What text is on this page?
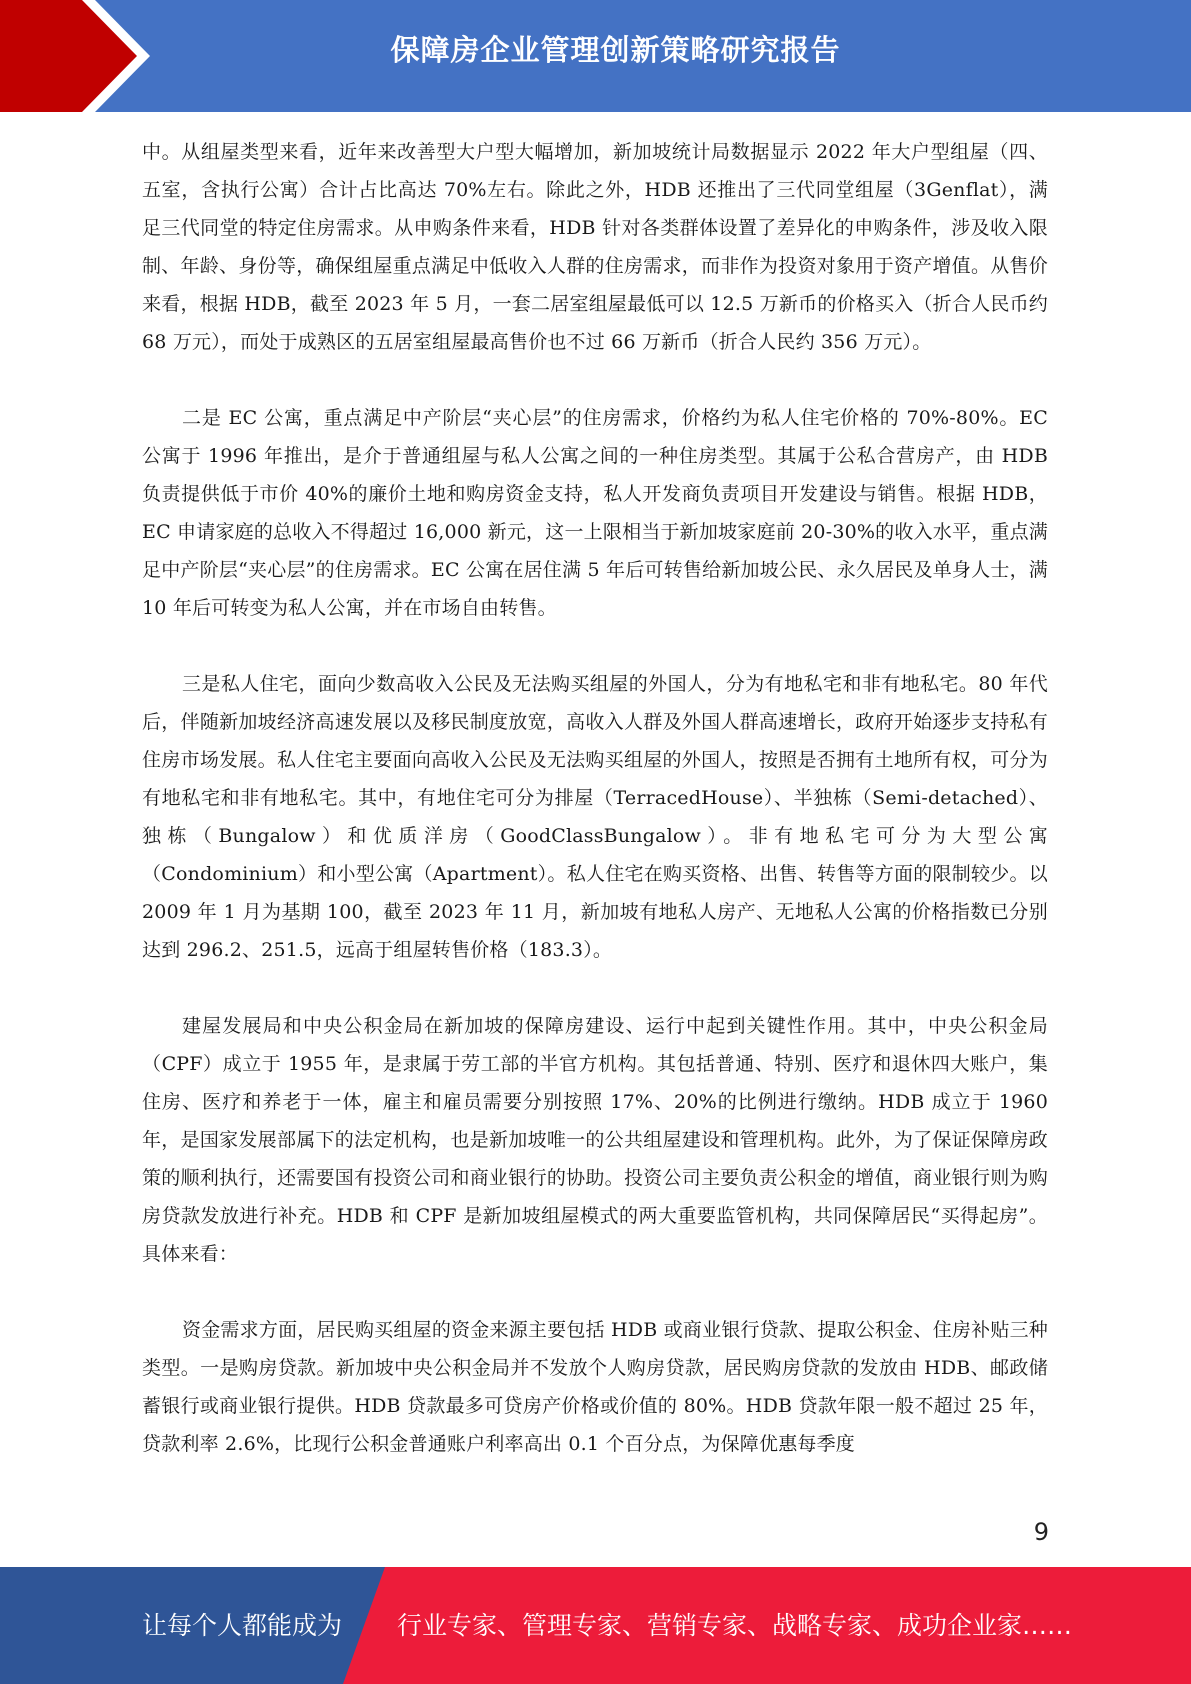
保障房企业管理创新策略研究报告

中。从组屋类型来看，近年来改善型大户型大幅增加，新加坡统计局数据显示 2022 年大户型组屋（四、五室，含执行公寓）合计占比高达 70%左右。除此之外，HDB 还推出了三代同堂组屋（3Genflat），满足三代同堂的特定住房需求。从申购条件来看，HDB 针对各类群体设置了差异化的申购条件，涉及收入限制、年龄、身份等，确保组屋重点满足中低收入人群的住房需求，而非作为投资对象用于资产增值。从售价来看，根据 HDB，截至 2023 年 5 月，一套二居室组屋最低可以 12.5 万新币的价格买入（折合人民币约 68 万元），而处于成熟区的五居室组屋最高售价也不过 66 万新币（折合人民约 356 万元）。

二是 EC 公寓，重点满足中产阶层“夹心层”的住房需求，价格约为私人住宅价格的 70%-80%。EC 公寓于 1996 年推出，是介于普通组屋与私人公寓之间的一种住房类型。其属于公私合营房产，由 HDB 负责提供低于市价 40%的廉价土地和购房资金支持，私人开发商负责项目开发建设与销售。根据 HDB，EC 申请家庭的总收入不得超过 16,000 新元，这一上限相当于新加坡家庭前 20-30%的收入水平，重点满足中产阶层“夹心层”的住房需求。EC 公寓在居住满 5 年后可转售给新加坡公民、永久居民及单身人士，满 10 年后可转变为私人公寓，并在市场自由转售。

三是私人住宅，面向少数高收入公民及无法购买组屋的外国人，分为有地私宅和非有地私宅。80 年代后，伴随新加坡经济高速发展以及移民制度放宽，高收入人群及外国人群高速增长，政府开始逐步支持私有住房市场发展。私人住宅主要面向高收入公民及无法购买组屋的外国人，按照是否拥有土地所有权，可分为有地私宅和非有地私宅。其中，有地住宅可分为排屋（TerracedHouse）、半独栋（Semi-detached）、独栋（Bungalow）和优质洋房（GoodClassBungalow）。非有地私宅可分为大型公寓（Condominium）和小型公寓（Apartment）。私人住宅在购买资格、出售、转售等方面的限制较少。以 2009 年 1 月为基期 100，截至 2023 年 11 月，新加坡有地私人房产、无地私人公寓的价格指数已分别达到 296.2、251.5，远高于组屋转售价格（183.3）。

建屋发展局和中央公积金局在新加坡的保障房建设、运行中起到关键性作用。其中，中央公积金局（CPF）成立于 1955 年，是隶属于劳工部的半官方机构。其包括普通、特别、医疗和退休四大账户，集住房、医疗和养老于一体，雇主和雇员需要分别按照 17%、20%的比例进行缴纳。HDB 成立于 1960 年，是国家发展部属下的法定机构，也是新加坡唯一的公共组屋建设和管理机构。此外，为了保证保障房政策的顺利执行，还需要国有投资公司和商业银行的协助。投资公司主要负责公积金的增值，商业银行则为购房贷款发放进行补充。HDB 和 CPF 是新加坡组屋模式的两大重要监管机构，共同保障居民“买得起房”。具体来看：

资金需求方面，居民购买组屋的资金来源主要包括 HDB 或商业银行贷款、提取公积金、住房补贴三种类型。一是购房贷款。新加坡中央公积金局并不发放个人购房贷款，居民购房贷款的发放由 HDB、邮政储蓄银行或商业银行提供。HDB 贷款最多可贷房产价格或价值的 80%。HDB 贷款年限一般不超过 25 年，贷款利率 2.6%，比现行公积金普通账户利率高出 0.1 个百分点，为保障优惠每季度

9
让每个人都能成为 行业专家、管理专家、营销专家、战略专家、成功企业家……
